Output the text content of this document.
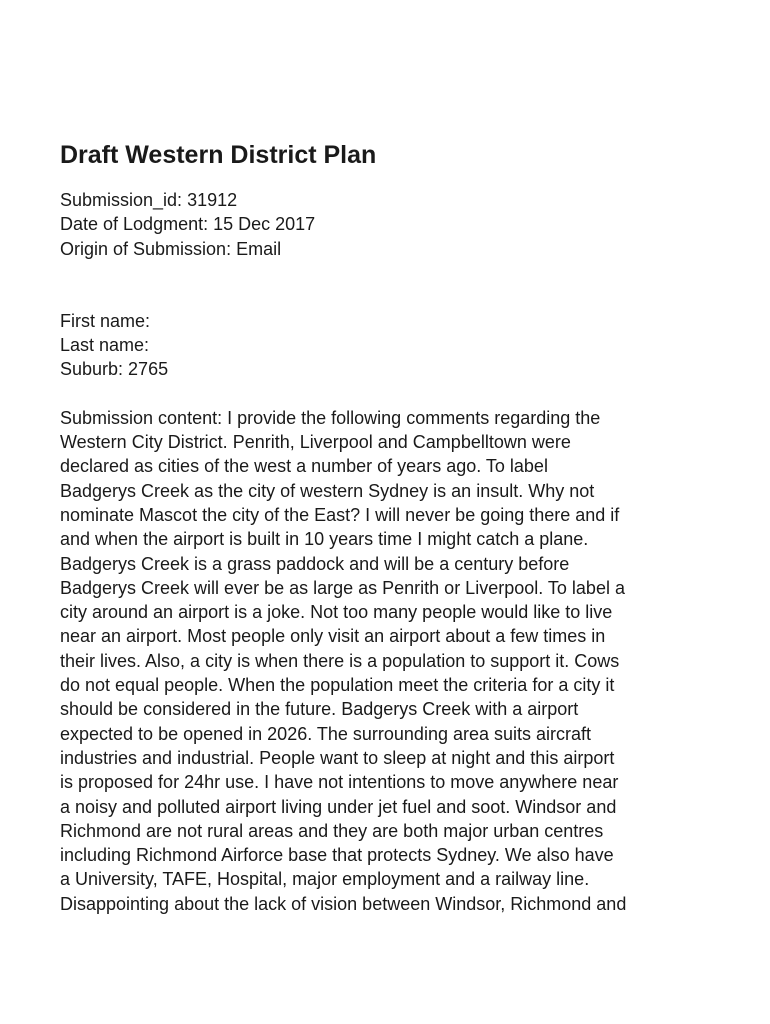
Draft Western District Plan
Submission_id: 31912
Date of Lodgment: 15 Dec 2017
Origin of Submission: Email
First name:
Last name:
Suburb: 2765
Submission content: I provide the following comments regarding the
Western City District. Penrith, Liverpool and Campbelltown were
declared as cities of the west a number of years ago. To label
Badgerys Creek as the city of western Sydney is an insult. Why not
nominate Mascot the city of the East? I will never be going there and if
and when the airport is built in 10 years time I might catch a plane.
Badgerys Creek is a grass paddock and will be a century before
Badgerys Creek will ever be as large as Penrith or Liverpool. To label a
city around an airport is a joke. Not too many people would like to live
near an airport. Most people only visit an airport about a few times in
their lives. Also, a city is when there is a population to support it. Cows
do not equal people. When the population meet the criteria for a city it
should be considered in the future. Badgerys Creek with a airport
expected to be opened in 2026. The surrounding area suits aircraft
industries and industrial. People want to sleep at night and this airport
is proposed for 24hr use. I have not intentions to move anywhere near
a noisy and polluted airport living under jet fuel and soot. Windsor and
Richmond are not rural areas and they are both major urban centres
including Richmond Airforce base that protects Sydney. We also have
a University, TAFE, Hospital, major employment and a railway line.
Disappointing about the lack of vision between Windsor, Richmond and
